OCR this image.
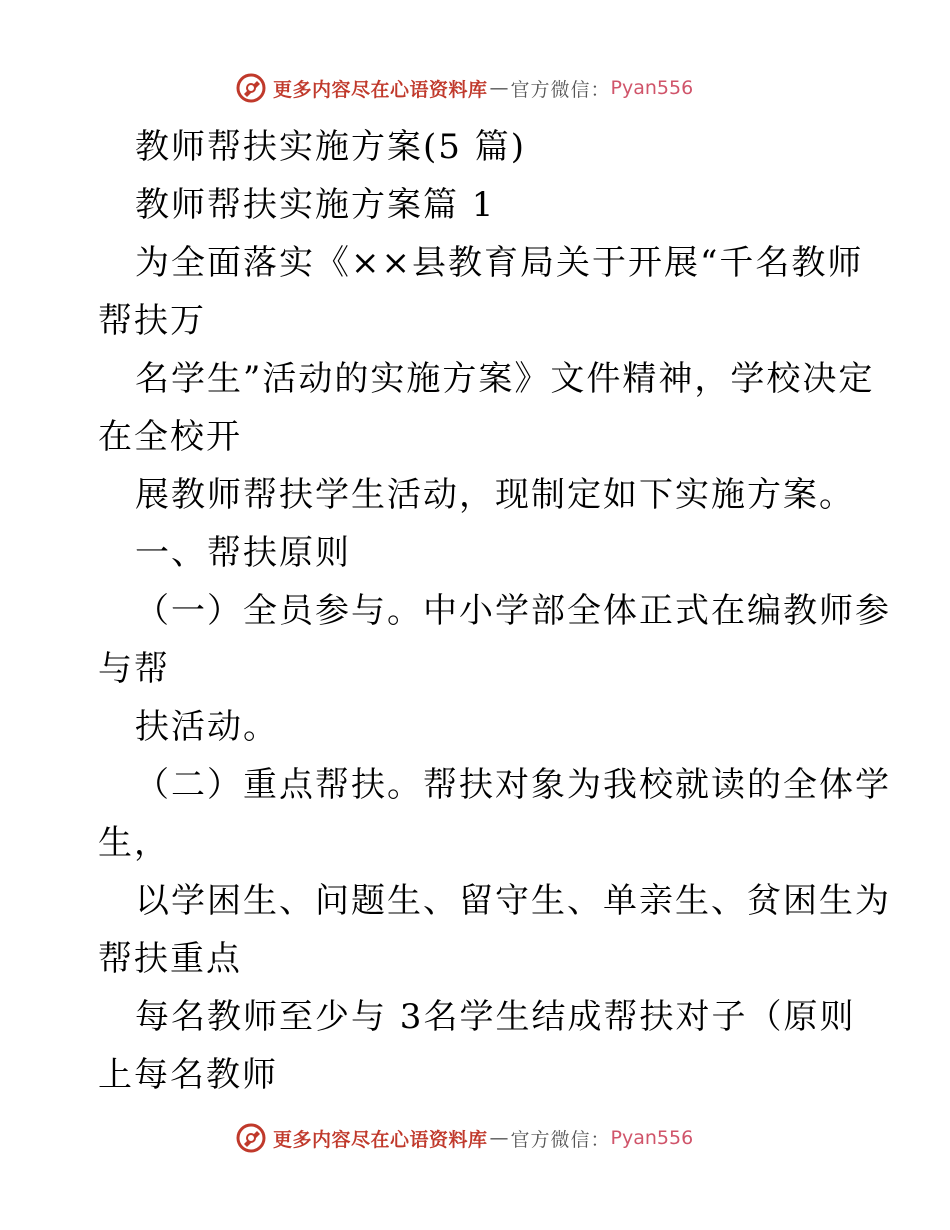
更多内容尽在心语资料库 — 官方微信： Pyan556
教师帮扶实施方案(5 篇)
教师帮扶实施方案篇 1
为全面落实《××县教育局关于开展“千名教师
帮扶万
名学生”活动的实施方案》文件精神，学校决定
在全校开
展教师帮扶学生活动，现制定如下实施方案。
一、帮扶原则
（一）全员参与。中小学部全体正式在编教师参
与帮
扶活动。
（二）重点帮扶。帮扶对象为我校就读的全体学
生，
以学困生、问题生、留守生、单亲生、贫困生为
帮扶重点
每名教师至少与 3名学生结成帮扶对子（原则
上每名教师
更多内容尽在心语资料库 — 官方微信： Pyan556
